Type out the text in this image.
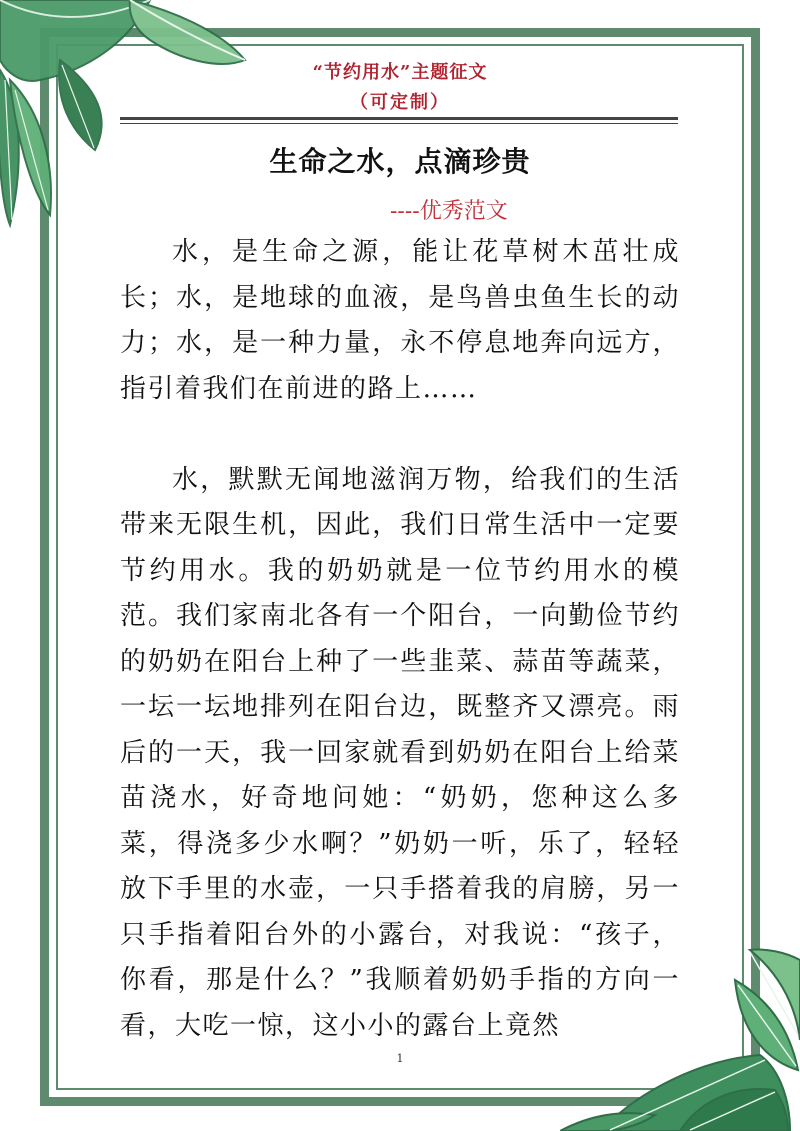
“节约用水”主题征文
（可定制）
生命之水，点滴珍贵
----优秀范文

水，是生命之源，能让花草树木茁壮成长；水，是地球的血液，是鸟兽虫鱼生长的动力；水，是一种力量，永不停息地奔向远方，指引着我们在前进的路上……

水，默默无闻地滋润万物，给我们的生活带来无限生机，因此，我们日常生活中一定要节约用水。我的奶奶就是一位节约用水的模范。我们家南北各有一个阳台，一向勤俭节约的奶奶在阳台上种了一些韭菜、蒜苗等蔬菜，一坛一坛地排列在阳台边，既整齐又漂亮。雨后的一天，我一回家就看到奶奶在阳台上给菜苗浇水，好奇地问她：“奶奶，您种这么多菜，得浇多少水啊？”奶奶一听，乐了，轻轻放下手里的水壶，一只手搭着我的肩膀，另一只手指着阳台外的小露台，对我说：“孩子，你看，那是什么？”我顺着奶奶手指的方向一看，大吃一惊，这小小的露台上竟然

1
